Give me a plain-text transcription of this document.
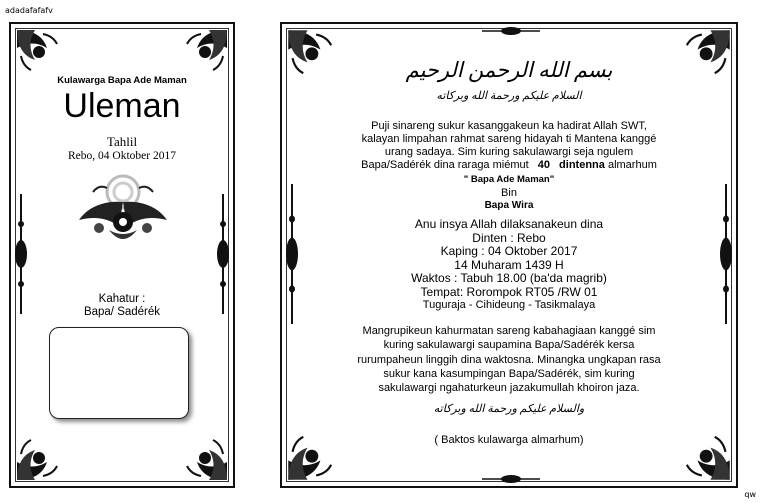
adadafafafv
qw
Kulawarga Bapa Ade Maman
Uleman
Tahlil
Rebo, 04 Oktober 2017
Kahatur :
Bapa/ Sadérék
بسم الله الرحمن الرحيم
السلام عليكم ورحمة الله وبركاته
Puji sinareng sukur kasanggakeun ka hadirat Allah SWT,
kalayan limpahan rahmat sareng hidayah ti Mantena kanggé
urang sadaya. Sim kuring sakulawargi seja ngulem
Bapa/Sadérék dina raraga miémut 40 dintenna almarhum
" Bapa Ade Maman"
Bin
Bapa Wira
Anu insya Allah dilaksanakeun dina
Dinten : Rebo
Kaping : 04 Oktober 2017
14 Muharam 1439 H
Waktos : Tabuh 18.00 (ba'da magrib)
Tempat: Rorompok RT05 /RW 01
Tuguraja - Cihideung - Tasikmalaya
Mangrupikeun kahurmatan sareng kabahagiaan kanggé sim
kuring sakulawargi saupamina Bapa/Sadérék kersa
rurumpaheun linggih dina waktosna. Minangka ungkapan rasa
sukur kana kasumpingan Bapa/Sadérék, sim kuring
sakulawargi ngahaturkeun jazakumullah khoiron jaza.
والسلام عليكم ورحمة الله وبركاته
( Baktos kulawarga almarhum)
